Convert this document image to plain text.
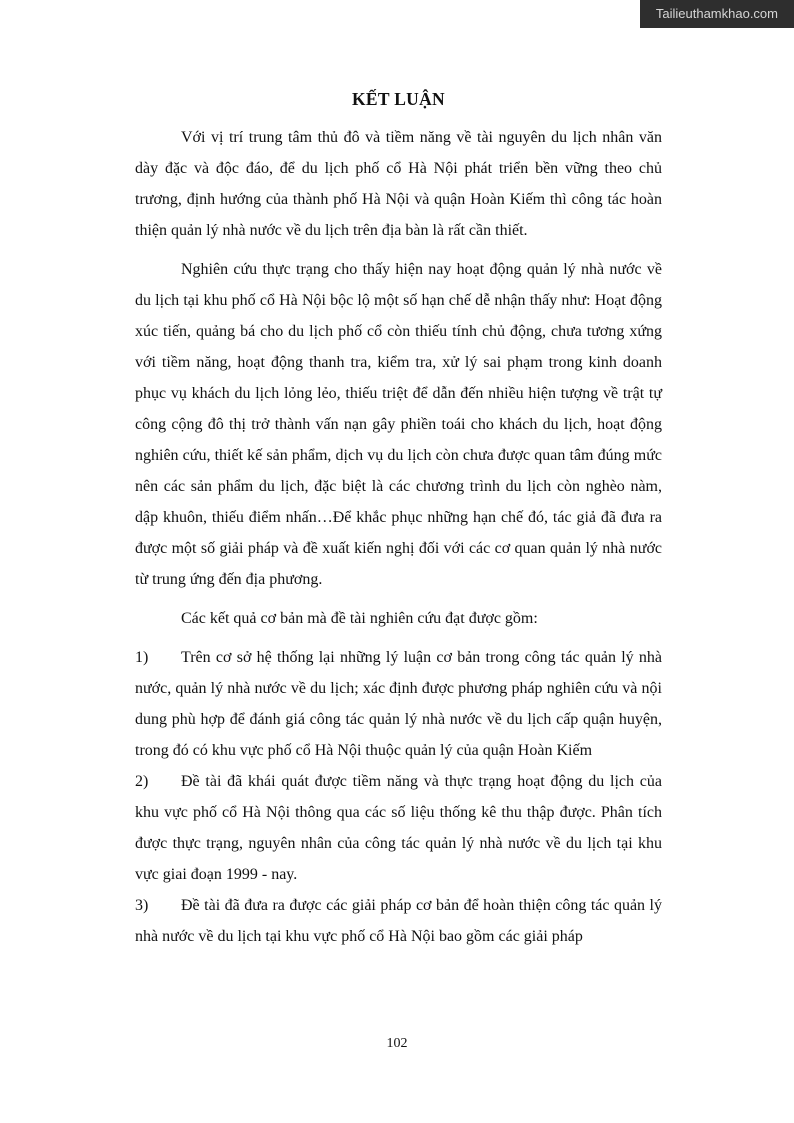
Tailieuthamkhao.com
KẾT LUẬN

Với vị trí trung tâm thủ đô và tiềm năng về tài nguyên du lịch nhân văn dày đặc và độc đáo, để du lịch phố cổ Hà Nội phát triển bền vững theo chủ trương, định hướng của thành phố Hà Nội và quận Hoàn Kiếm thì công tác hoàn thiện quản lý nhà nước về du lịch trên địa bàn là rất cần thiết.

Nghiên cứu thực trạng cho thấy hiện nay hoạt động quản lý nhà nước về du lịch tại khu phố cổ Hà Nội bộc lộ một số hạn chế dễ nhận thấy như: Hoạt động xúc tiến, quảng bá cho du lịch phố cổ còn thiếu tính chủ động, chưa tương xứng với tiềm năng, hoạt động thanh tra, kiểm tra, xử lý sai phạm trong kinh doanh phục vụ khách du lịch lỏng lẻo, thiếu triệt để dẫn đến nhiều hiện tượng về trật tự công cộng đô thị trở thành vấn nạn gây phiền toái cho khách du lịch, hoạt động nghiên cứu, thiết kế sản phẩm, dịch vụ du lịch còn chưa được quan tâm đúng mức nên các sản phẩm du lịch, đặc biệt là các chương trình du lịch còn nghèo nàm, dập khuôn, thiếu điểm nhấn…Để khắc phục những hạn chế đó, tác giả đã đưa ra được một số giải pháp và đề xuất kiến nghị đối với các cơ quan quản lý nhà nước từ trung ứng đến địa phương.

Các kết quả cơ bản mà đề tài nghiên cứu đạt được gồm:

1) Trên cơ sở hệ thống lại những lý luận cơ bản trong công tác quản lý nhà nước, quản lý nhà nước về du lịch; xác định được phương pháp nghiên cứu và nội dung phù hợp để đánh giá công tác quản lý nhà nước về du lịch cấp quận huyện, trong đó có khu vực phố cổ Hà Nội thuộc quản lý của quận Hoàn Kiếm

2) Đề tài đã khái quát được tiềm năng và thực trạng hoạt động du lịch của khu vực phố cổ Hà Nội thông qua các số liệu thống kê thu thập được. Phân tích được thực trạng, nguyên nhân của công tác quản lý nhà nước về du lịch tại khu vực giai đoạn 1999 - nay.

3) Đề tài đã đưa ra được các giải pháp cơ bản để hoàn thiện công tác quản lý nhà nước về du lịch tại khu vực phố cổ Hà Nội bao gồm các giải pháp

102
